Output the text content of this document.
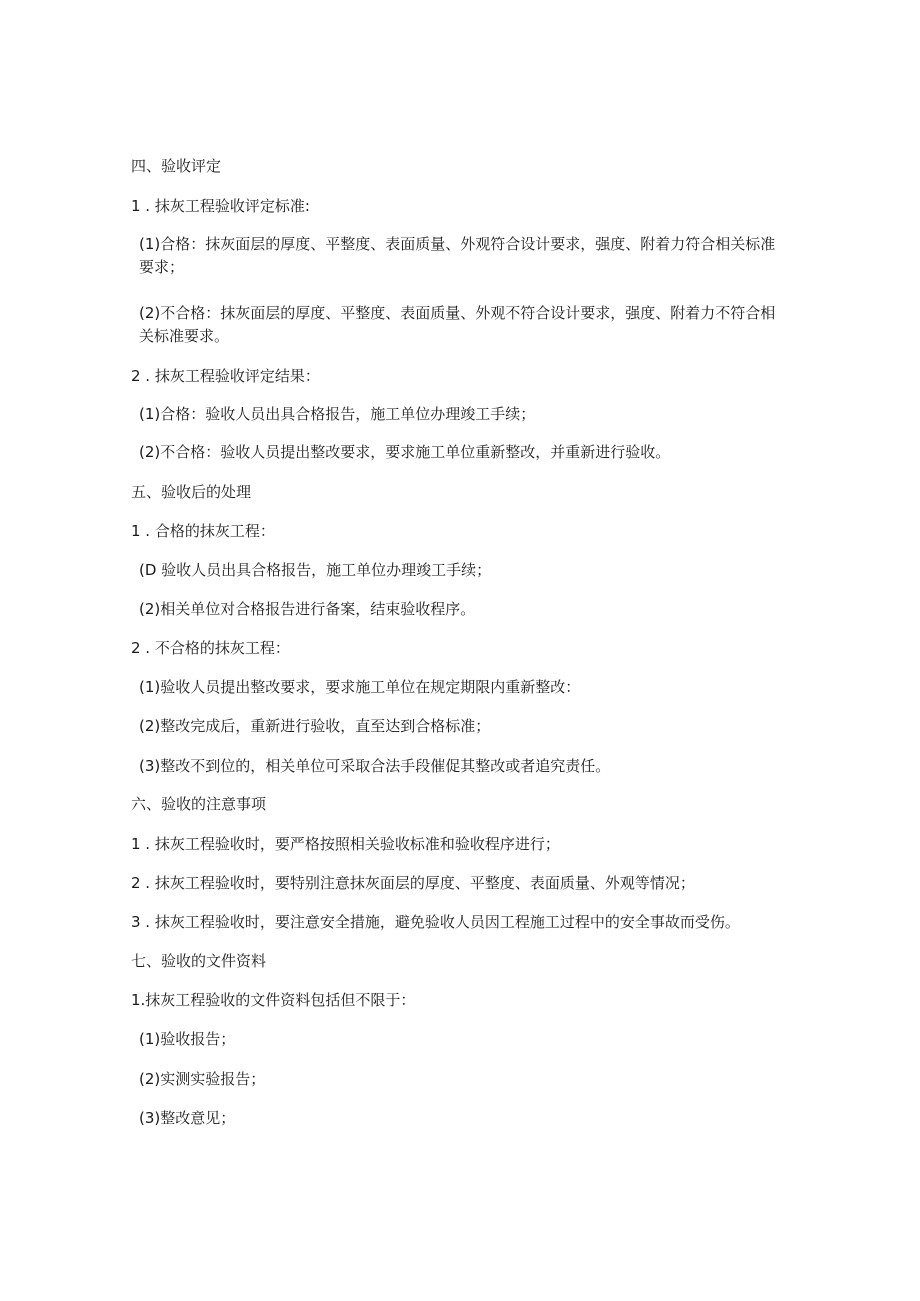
四、验收评定
1 . 抹灰工程验收评定标准:
(1)合格：抹灰面层的厚度、平整度、表面质量、外观符合设计要求，强度、附着力符合相关标准要求；
(2)不合格：抹灰面层的厚度、平整度、表面质量、外观不符合设计要求，强度、附着力不符合相关标准要求。
2 . 抹灰工程验收评定结果：
(1)合格：验收人员出具合格报告，施工单位办理竣工手续；
(2)不合格：验收人员提出整改要求，要求施工单位重新整改，并重新进行验收。
五、验收后的处理
1 . 合格的抹灰工程：
(D 验收人员出具合格报告，施工单位办理竣工手续；
(2)相关单位对合格报告进行备案，结束验收程序。
2 . 不合格的抹灰工程：
(1)验收人员提出整改要求，要求施工单位在规定期限内重新整改：
(2)整改完成后，重新进行验收，直至达到合格标准；
(3)整改不到位的，相关单位可采取合法手段催促其整改或者追究责任。
六、验收的注意事项
1 . 抹灰工程验收时，要严格按照相关验收标准和验收程序进行；
2 . 抹灰工程验收时，要特别注意抹灰面层的厚度、平整度、表面质量、外观等情况；
3 . 抹灰工程验收时，要注意安全措施，避免验收人员因工程施工过程中的安全事故而受伤。
七、验收的文件资料
1.抹灰工程验收的文件资料包括但不限于：
(1)验收报告；
(2)实测实验报告；
(3)整改意见；
